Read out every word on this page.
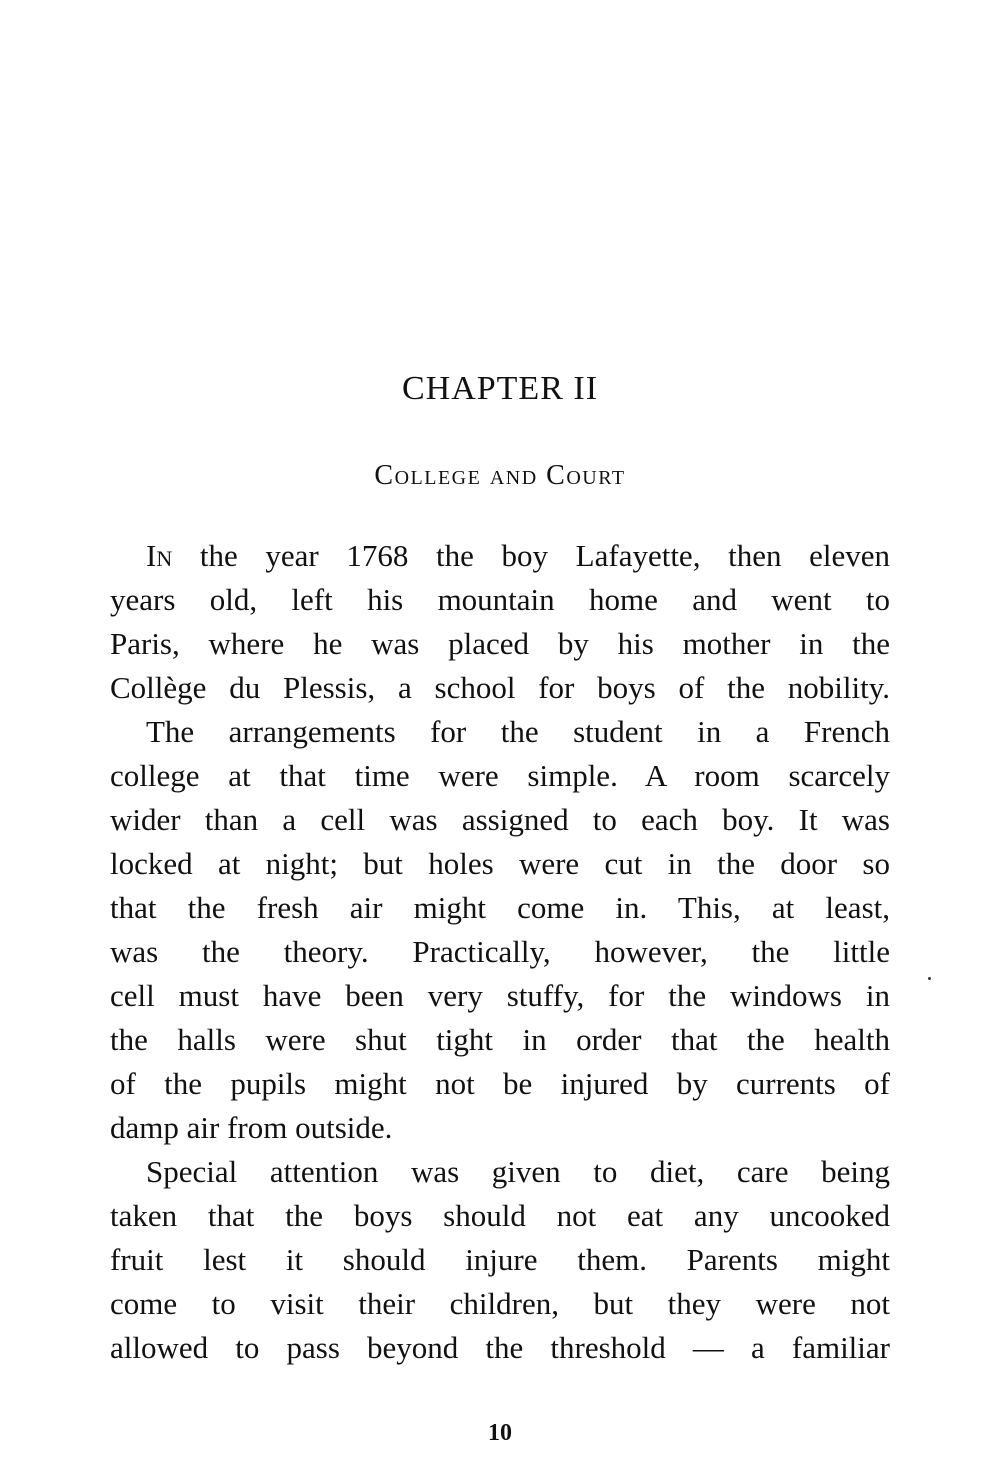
CHAPTER II
College and Court
In the year 1768 the boy Lafayette, then eleven
years old, left his mountain home and went to
Paris, where he was placed by his mother in the
Collège du Plessis, a school for boys of the nobility.
The arrangements for the student in a French
college at that time were simple. A room scarcely
wider than a cell was assigned to each boy. It was
locked at night; but holes were cut in the door so
that the fresh air might come in. This, at least,
was the theory. Practically, however, the little
cell must have been very stuffy, for the windows in
the halls were shut tight in order that the health
of the pupils might not be injured by currents of
damp air from outside.
Special attention was given to diet, care being
taken that the boys should not eat any uncooked
fruit lest it should injure them. Parents might
come to visit their children, but they were not
allowed to pass beyond the threshold — a familiar
10
